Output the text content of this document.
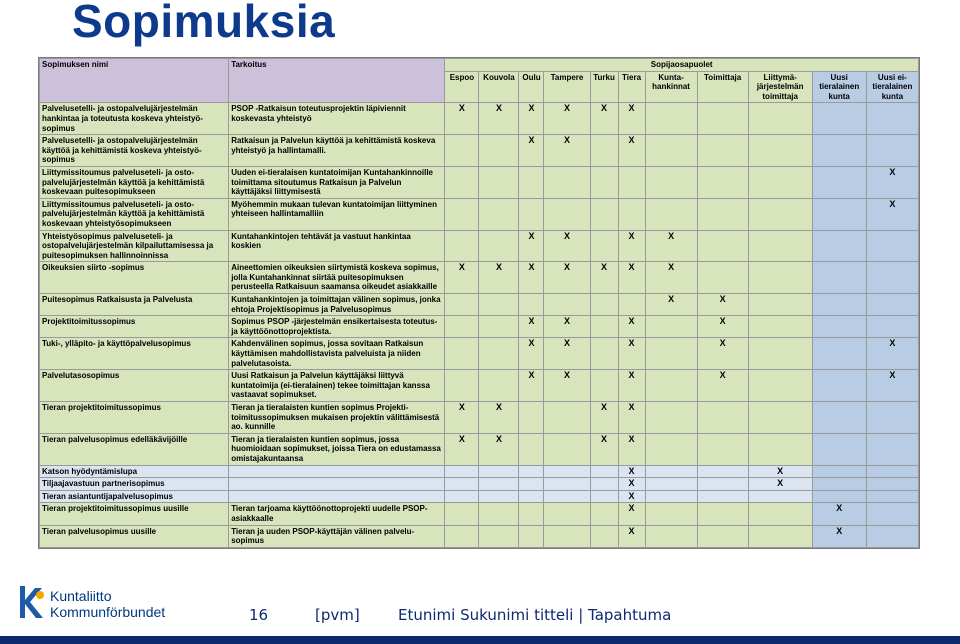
Sopimuksia
Sopimuksen nimi	Tarkoitus	Sopijaosapuolet										
		Espoo	Kouvola	Oulu	Tampere	Turku	Tiera	Kunta-hankinnat	Toimittaja	Liittymä-järjestelmän toimittaja	Uusi tieralainen kunta	Uusi ei-tieralainen kunta
Palvelusetelli- ja ostopalvelujärjestelmän hankintaa ja toteutusta koskeva yhteistyö-sopimus	PSOP -Ratkaisun toteutusprojektin läpiviennit koskevasta yhteistyö	X	X	X	X	X	X					
Palvelusetelli- ja ostopalvelujärjestelmän käyttöä ja kehittämistä koskeva yhteistyö-sopimus	Ratkaisun ja Palvelun käyttöä ja kehittämistä koskeva yhteistyö ja hallintamalli.			X	X		X					
Liittymissitoumus palveluseteli- ja osto-palvelujärjestelmän käyttöä ja kehittämistä koskevaan puitesopimukseen	Uuden ei-tieralaisen kuntatoimijan Kuntahankinnoille toimittama sitoutumus Ratkaisun ja Palvelun käyttäjäksi liittymisestä											X
Liittymissitoumus palveluseteli- ja osto-palvelujärjestelmän käyttöä ja kehittämistä koskevaan yhteistyösopimukseen	Myöhemmin mukaan tulevan kuntatoimijan liittyminen yhteiseen hallintamalliin											X
Yhteistyösopimus palveluseteli- ja ostopalvelujärjestelmän kilpailuttamisessa ja puitesopimuksen hallinnoinnissa	Kuntahankintojen tehtävät ja vastuut hankintaa koskien			X	X		X	X				
Oikeuksien siirto -sopimus	Aineettomien oikeuksien siirtymistä koskeva sopimus, jolla Kuntahankinnat siirtää puitesopimuksen perusteella Ratkaisuun saamansa oikeudet asiakkaille	X	X	X	X	X	X	X				
Puitesopimus Ratkaisusta ja Palvelusta	Kuntahankintojen ja toimittajan välinen sopimus, jonka ehtoja Projektisopimus ja Palvelusopimus							X	X			
Projektitoimitussopimus	Sopimus PSOP -järjestelmän ensikertaisesta toteutus- ja käyttöönottoprojektista.			X	X		X		X			
Tuki-, ylläpito- ja käyttöpalvelusopimus	Kahdenvälinen sopimus, jossa sovitaan Ratkaisun käyttämisen mahdollistavista palveluista ja niiden palvelutasoista.			X	X		X		X			X
Palvelutasosopimus	Uusi Ratkaisun ja Palvelun käyttäjäksi liittyvä kuntatoimija (ei-tieralainen) tekee toimittajan kanssa vastaavat sopimukset.			X	X		X		X			X
Tieran projektitoimitussopimus	Tieran ja tieralaisten kuntien sopimus Projekti-toimitussopimuksen mukaisen projektin välittämisestä ao. kunnille	X	X			X	X					
Tieran palvelusopimus edelläkävijöille	Tieran ja tieralaisten kuntien sopimus, jossa huomioidaan sopimukset, joissa Tiera on edustamassa omistajakuntaansa	X	X			X	X					
Katson hyödyntämislupa							X			X		
Tiljaajavastuun partnerisopimus							X			X		
Tieran asiantuntijapalvelusopimus							X					
Tieran projektitoimitussopimus uusille	Tieran tarjoama käyttöönottoprojekti uudelle PSOP-asiakkaalle						X				X	
Tieran palvelusopimus uusille	Tieran ja uuden PSOP-käyttäjän välinen palvelu-sopimus						X				X	
Kuntaliitto
Kommunförbundet	16	[pvm]	Etunimi Sukunimi titteli | Tapahtuma
